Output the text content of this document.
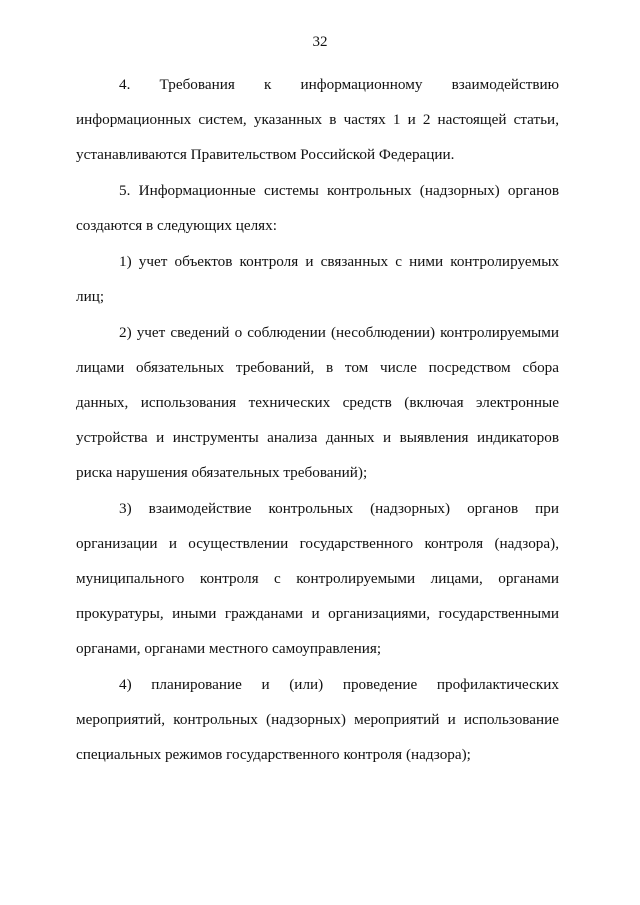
32

4. Требования к информационному взаимодействию информационных систем, указанных в частях 1 и 2 настоящей статьи, устанавливаются Правительством Российской Федерации.

5. Информационные системы контрольных (надзорных) органов создаются в следующих целях:

1) учет объектов контроля и связанных с ними контролируемых лиц;

2) учет сведений о соблюдении (несоблюдении) контролируемыми лицами обязательных требований, в том числе посредством сбора данных, использования технических средств (включая электронные устройства и инструменты анализа данных и выявления индикаторов риска нарушения обязательных требований);

3) взаимодействие контрольных (надзорных) органов при организации и осуществлении государственного контроля (надзора), муниципального контроля с контролируемыми лицами, органами прокуратуры, иными гражданами и организациями, государственными органами, органами местного самоуправления;

4) планирование и (или) проведение профилактических мероприятий, контрольных (надзорных) мероприятий и использование специальных режимов государственного контроля (надзора);
